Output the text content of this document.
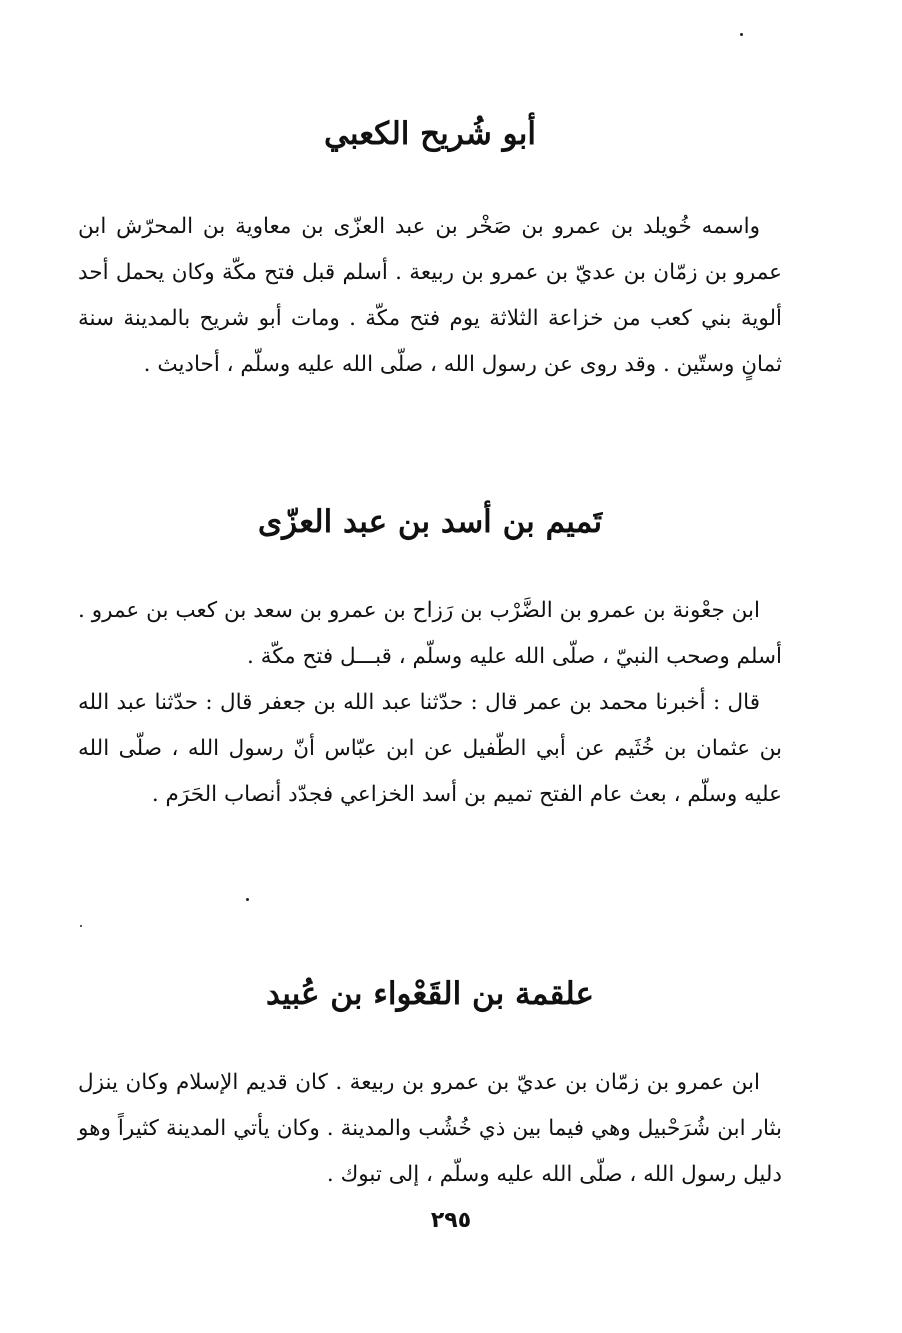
أبو شُريح الكعبي

واسمه خُويلد بن عمرو بن صَخْر بن عبد العزّى بن معاوية بن المحرّش ابن عمرو بن زمّان بن عديّ بن عمرو بن ربيعة . أسلم قبل فتح مكّة وكان يحمل أحد ألوية بني كعب من خزاعة الثلاثة يوم فتح مكّة . ومات أبو شريح بالمدينة سنة ثمانٍ وستّين . وقد روى عن رسول الله ، صلّى الله عليه وسلّم ، أحاديث .

تَميم بن أسد بن عبد العزّى

ابن جعْونة بن عمرو بن الضَّرْب بن رَزاح بن عمرو بن سعد بن كعب بن عمرو . أسلم وصحب النبيّ ، صلّى الله عليه وسلّم ، قبـــل فتح مكّة .

قال : أخبرنا محمد بن عمر قال : حدّثنا عبد الله بن جعفر قال : حدّثنا عبد الله بن عثمان بن خُثَيم عن أبي الطّفيل عن ابن عبّاس أنّ رسول الله ، صلّى الله عليه وسلّم ، بعث عام الفتح تميم بن أسد الخزاعي فجدّد أنصاب الحَرَم .

علقمة بن القَعْواء بن عُبيد

ابن عمرو بن زمّان بن عديّ بن عمرو بن ربيعة . كان قديم الإسلام وكان ينزل بثار ابن شُرَحْبيل وهي فيما بين ذي خُشُب والمدينة . وكان يأتي المدينة كثيراً وهو دليل رسول الله ، صلّى الله عليه وسلّم ، إلى تبوك .

٢٩٥
